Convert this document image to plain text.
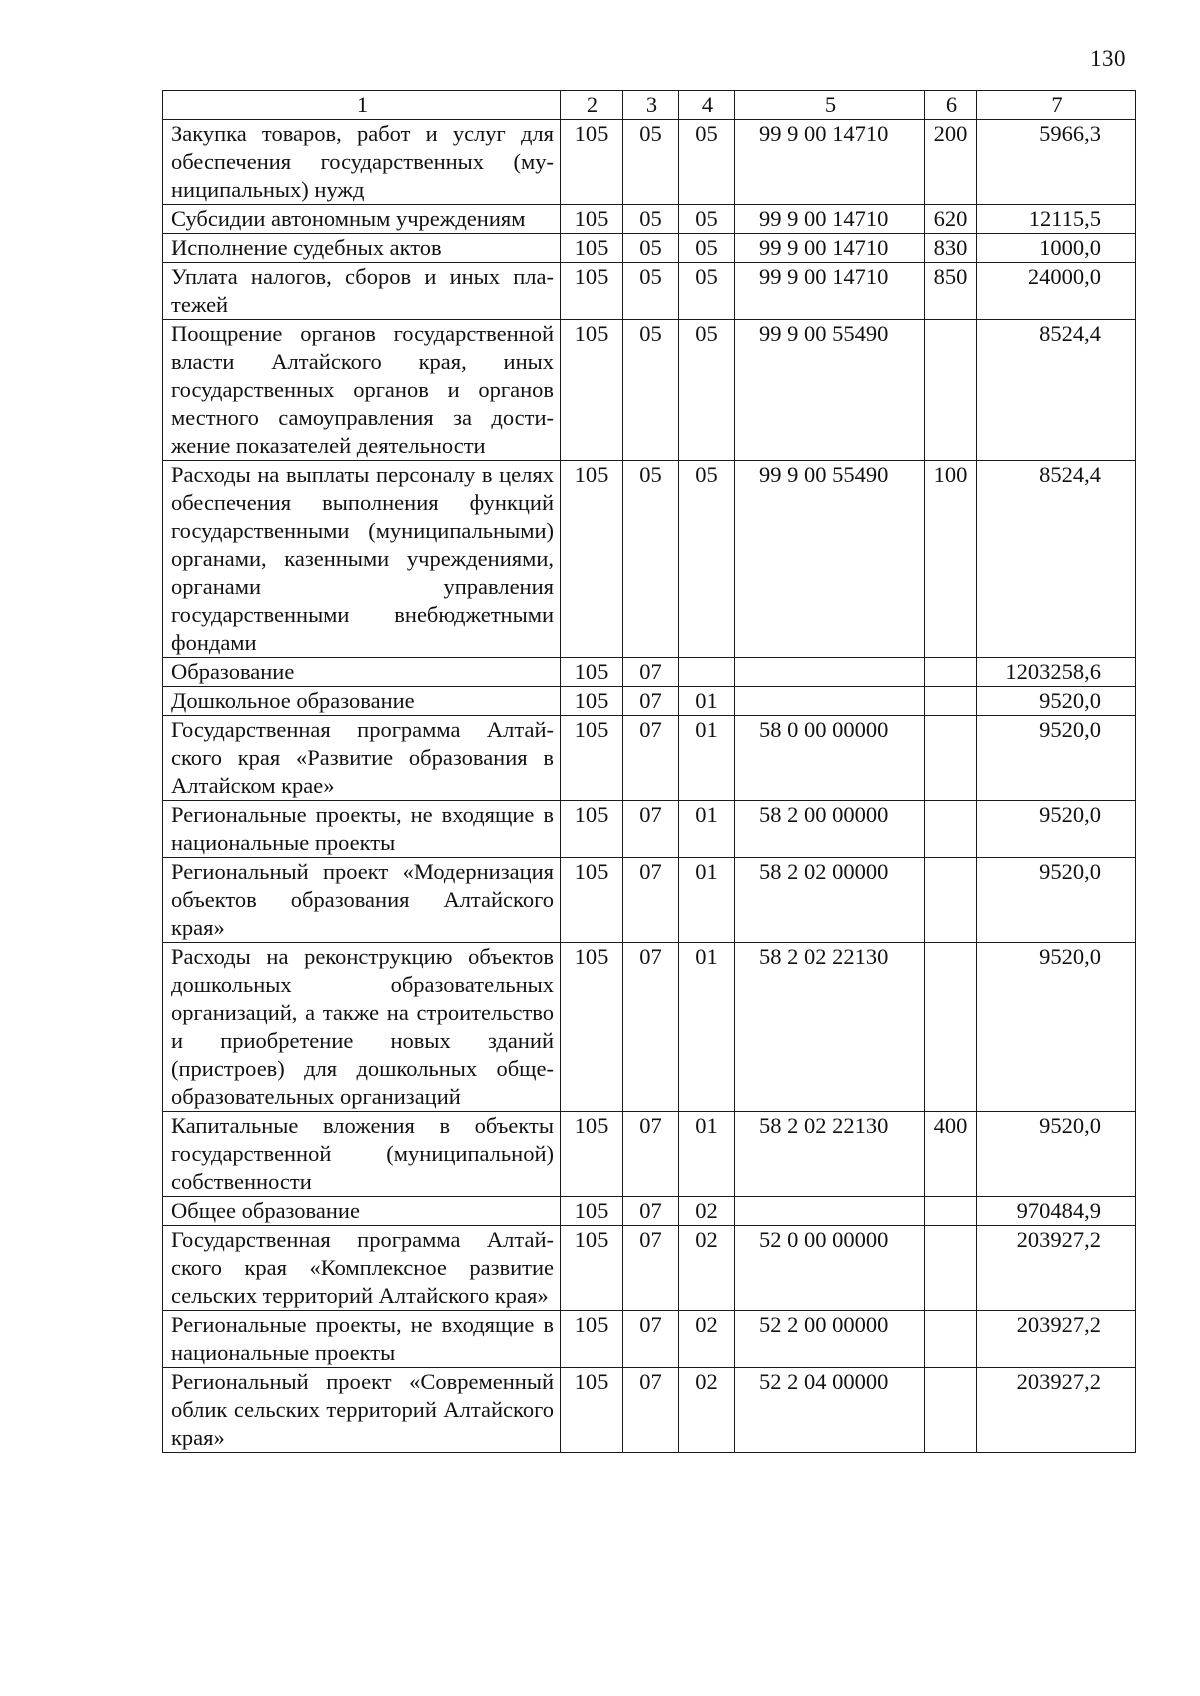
130
1	2	3	4	5	6	7
Закупка товаров, работ и услуг для обеспечения государственных (муниципальных) нужд	105	05	05	99 9 00 14710	200	5966,3
Субсидии автономным учреждениям	105	05	05	99 9 00 14710	620	12115,5
Исполнение судебных актов	105	05	05	99 9 00 14710	830	1000,0
Уплата налогов, сборов и иных платежей	105	05	05	99 9 00 14710	850	24000,0
Поощрение органов государственной власти Алтайского края, иных государственных органов и органов местного самоуправления за достижение показателей деятельности	105	05	05	99 9 00 55490		8524,4
Расходы на выплаты персоналу в целях обеспечения выполнения функций государственными (муниципальными) органами, казенными учреждениями, органами управления государственными внебюджетными фондами	105	05	05	99 9 00 55490	100	8524,4
Образование	105	07				1203258,6
Дошкольное образование	105	07	01			9520,0
Государственная программа Алтайского края «Развитие образования в Алтайском крае»	105	07	01	58 0 00 00000		9520,0
Региональные проекты, не входящие в национальные проекты	105	07	01	58 2 00 00000		9520,0
Региональный проект «Модернизация объектов образования Алтайского края»	105	07	01	58 2 02 00000		9520,0
Расходы на реконструкцию объектов дошкольных образовательных организаций, а также на строительство и приобретение новых зданий (пристроев) для дошкольных общеобразовательных организаций	105	07	01	58 2 02 22130		9520,0
Капитальные вложения в объекты государственной (муниципальной) собственности	105	07	01	58 2 02 22130	400	9520,0
Общее образование	105	07	02			970484,9
Государственная программа Алтайского края «Комплексное развитие сельских территорий Алтайского края»	105	07	02	52 0 00 00000		203927,2
Региональные проекты, не входящие в национальные проекты	105	07	02	52 2 00 00000		203927,2
Региональный проект «Современный облик сельских территорий Алтайского края»	105	07	02	52 2 04 00000		203927,2
